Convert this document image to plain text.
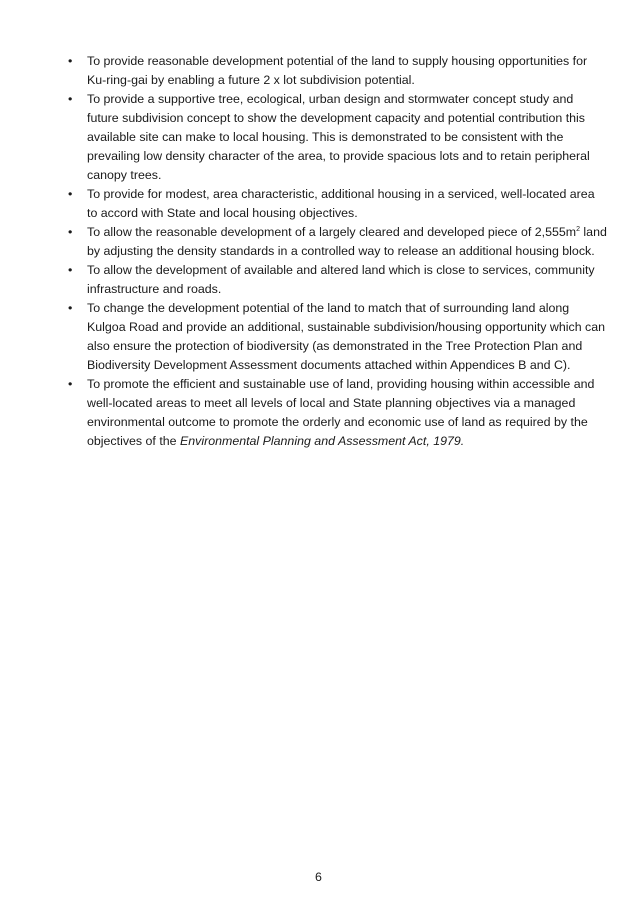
• To provide reasonable development potential of the land to supply housing opportunities for
Ku-ring-gai by enabling a future 2 x lot subdivision potential.
• To provide a supportive tree, ecological, urban design and stormwater concept study and
future subdivision concept to show the development capacity and potential contribution this
available site can make to local housing. This is demonstrated to be consistent with the
prevailing low density character of the area, to provide spacious lots and to retain peripheral
canopy trees.
• To provide for modest, area characteristic, additional housing in a serviced, well-located area
to accord with State and local housing objectives.
• To allow the reasonable development of a largely cleared and developed piece of $2,555m^2$ land
by adjusting the density standards in a controlled way to release an additional housing block.
• To allow the development of available and altered land which is close to services, community
infrastructure and roads.
• To change the development potential of the land to match that of surrounding land along
Kulgoa Road and provide an additional, sustainable subdivision/housing opportunity which can
also ensure the protection of biodiversity (as demonstrated in the Tree Protection Plan and
Biodiversity Development Assessment documents attached within Appendices B and C).
• To promote the efficient and sustainable use of land, providing housing within accessible and
well-located areas to meet all levels of local and State planning objectives via a managed
environmental outcome to promote the orderly and economic use of land as required by the
objectives of the Environmental Planning and Assessment Act, 1979.
6
